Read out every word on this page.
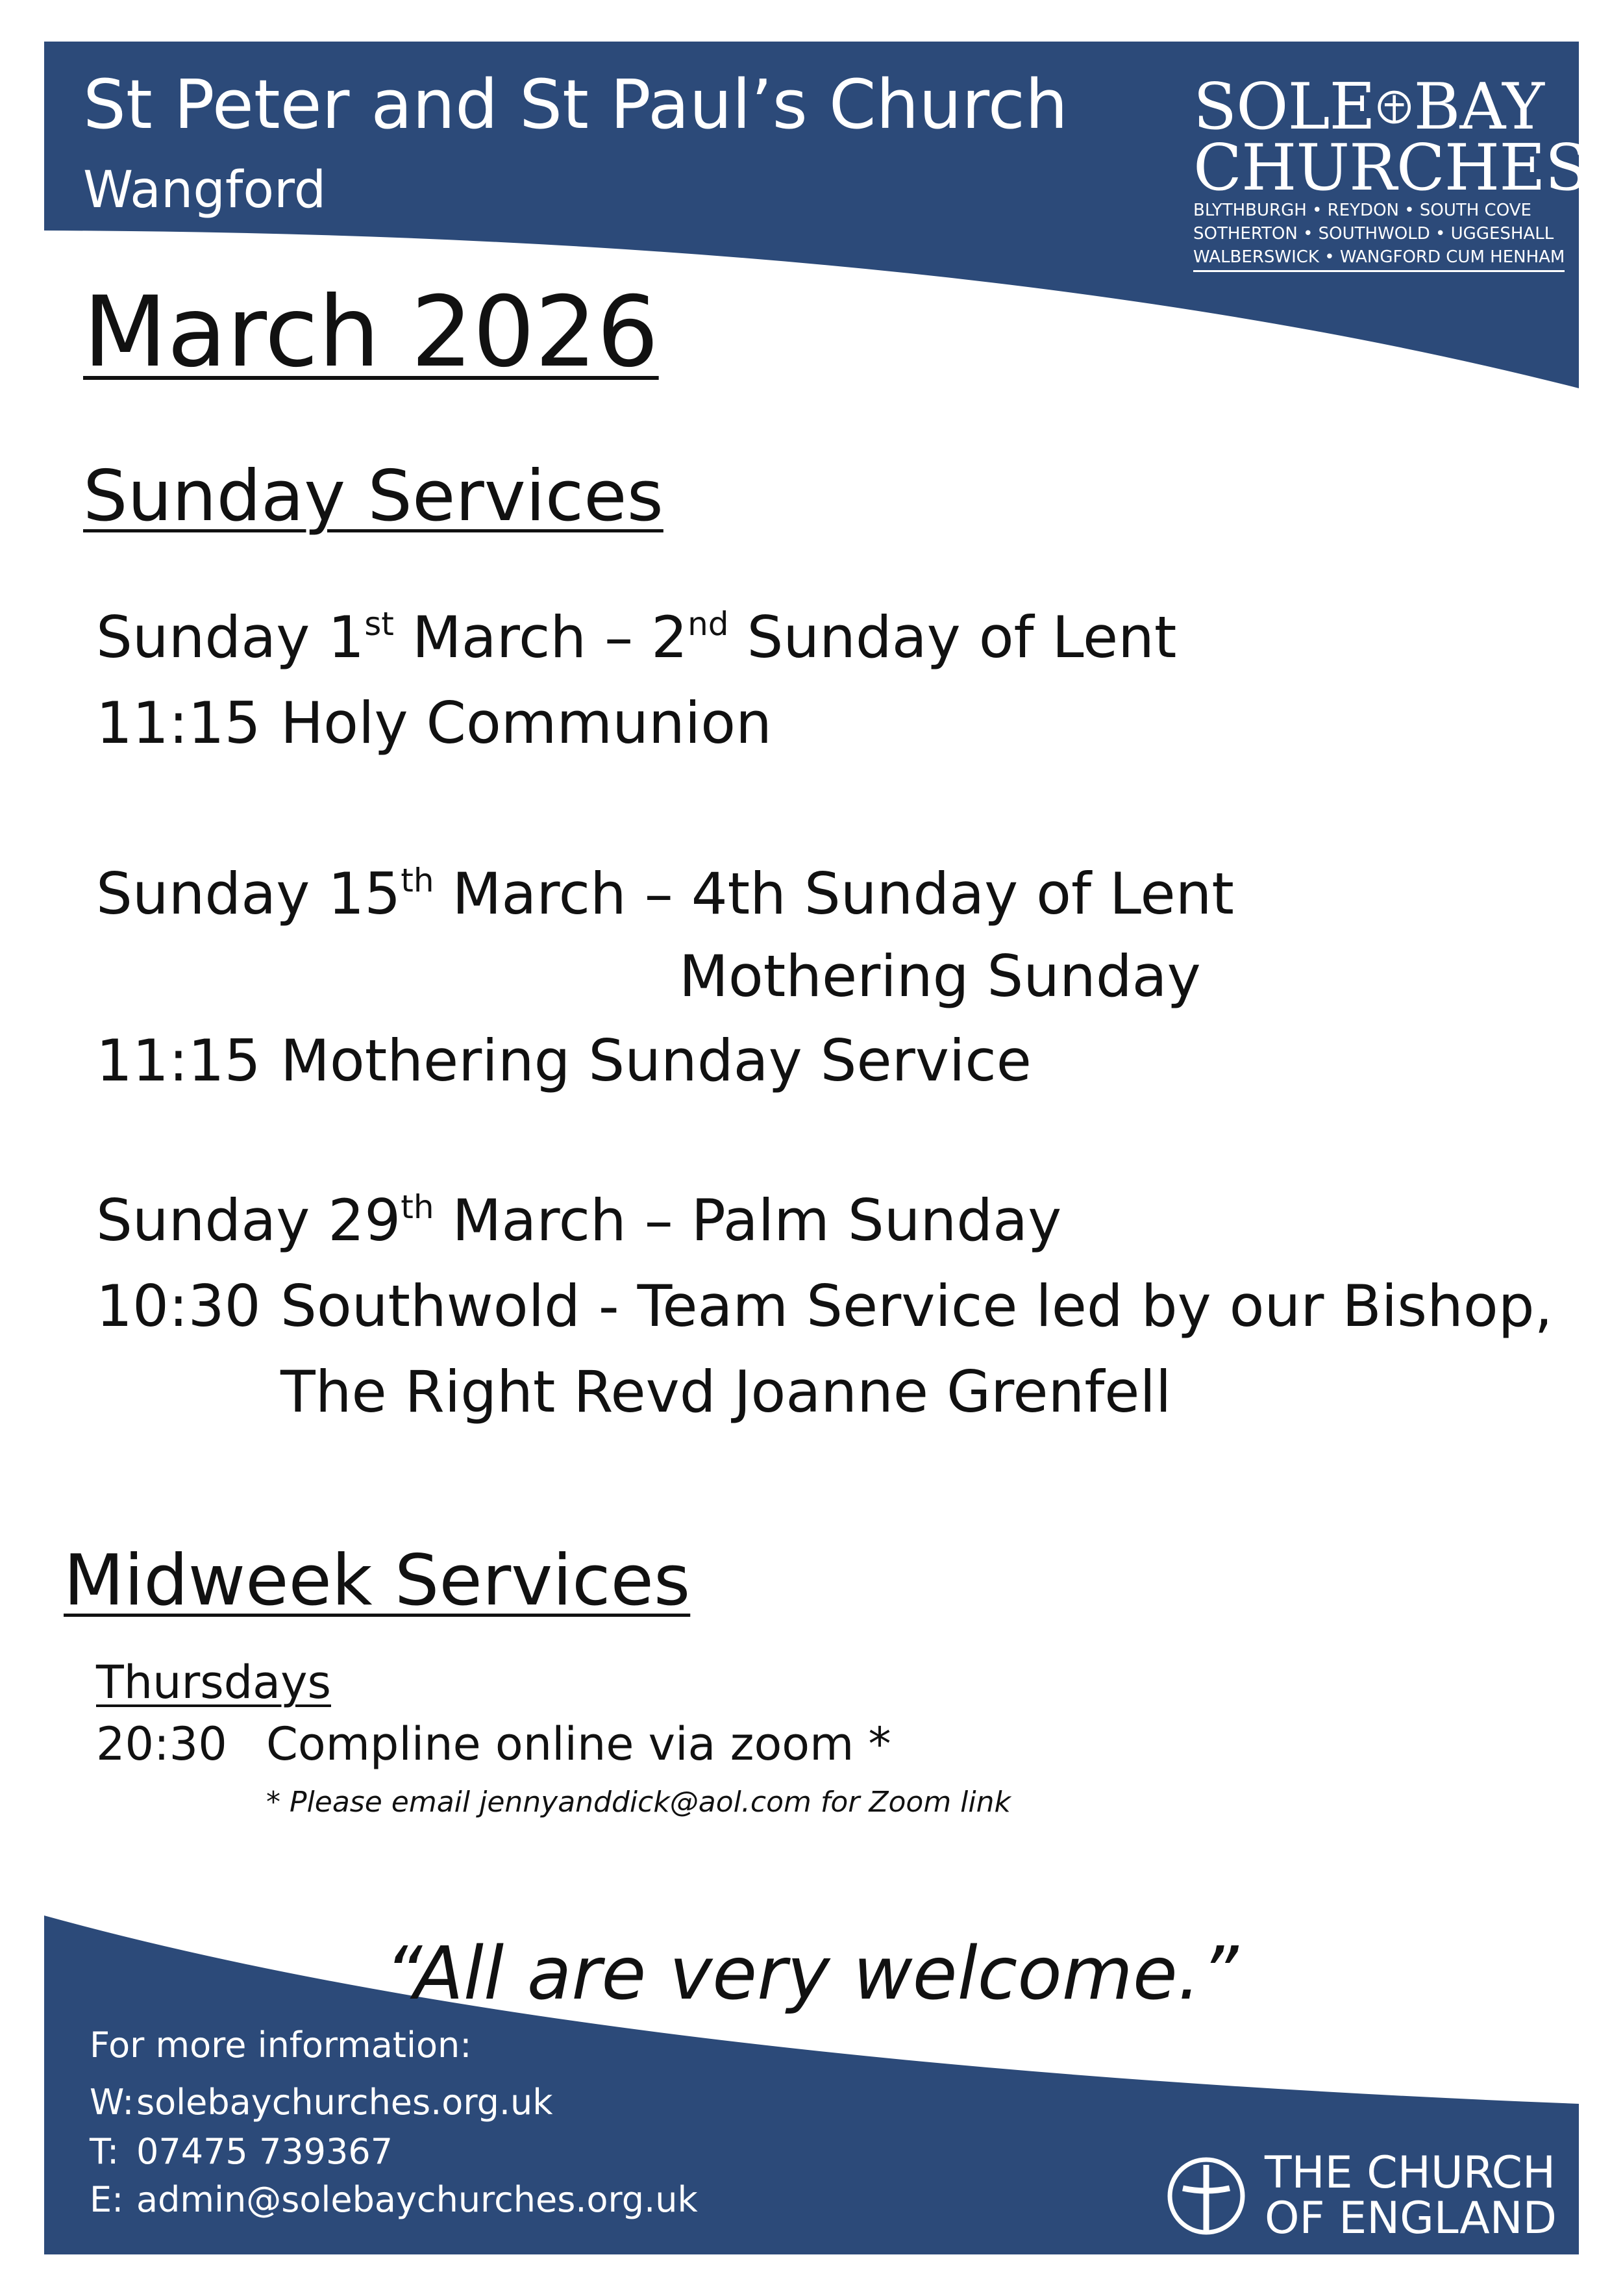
St Peter and St Paul’s Church
Wangford
SOLE BAY
CHURCHES
BLYTHBURGH • REYDON • SOUTH COVE
SOTHERTON • SOUTHWOLD • UGGESHALL
WALBERSWICK • WANGFORD CUM HENHAM
March 2026
Sunday Services
Sunday 1st March – 2nd Sunday of Lent
11:15 Holy Communion
Sunday 15th March – 4th Sunday of Lent
Mothering Sunday
11:15 Mothering Sunday Service
Sunday 29th March – Palm Sunday
10:30 Southwold - Team Service led by our Bishop,
The Right Revd Joanne Grenfell
Midweek Services
Thursdays
20:30 Compline online via zoom *
* Please email jennyanddick@aol.com for Zoom link
“All are very welcome.”
For more information:
W:solebaychurches.org.uk
T: 07475 739367
E: admin@solebaychurches.org.uk
THE CHURCH
OF ENGLAND
